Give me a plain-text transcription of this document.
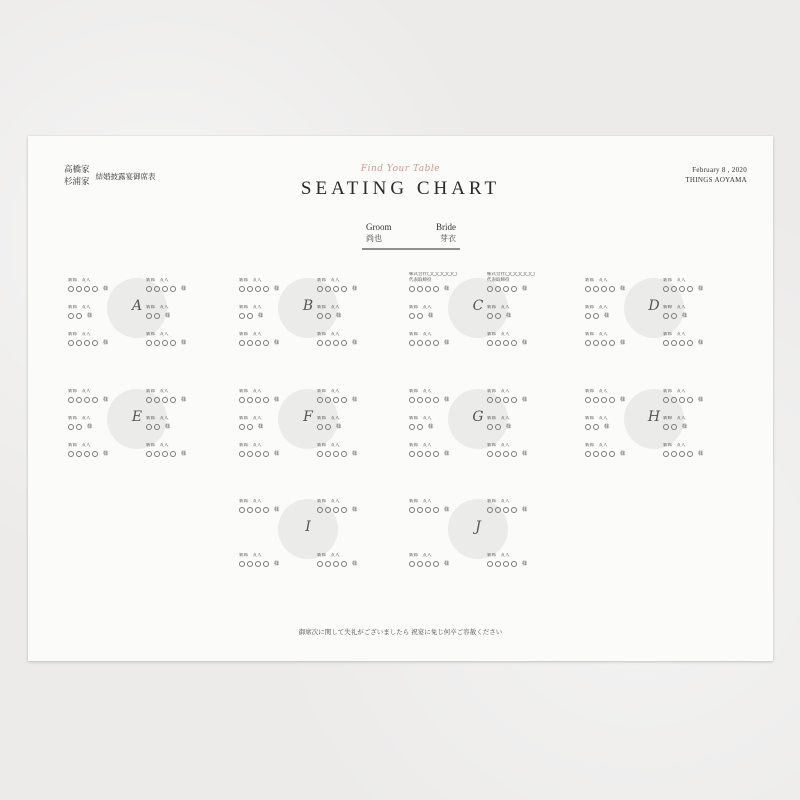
高橋家
杉浦家
結婚披露宴御席表
Find Your Table
SEATING CHART
February 8 , 2020
THINGS AOYAMA
Groom	Bride
尚也	芽衣
A
新郎　友人
様
新郎　友人
様
新郎　友人
様
新郎　友人
様
新郎　友人
様
新郎　友人
様
B
新郎　友人
様
新郎　友人
様
新郎　友人
様
新郎　友人
様
新郎　友人
様
新郎　友人
様
C
株式会社◯◯◯◯◯◯
代表取締役
様
株式会社◯◯◯◯◯◯
代表取締役
様
新郎　友人
様
新郎　友人
様
新郎　友人
様
新郎　友人
様
D
新郎　友人
様
新郎　友人
様
新郎　友人
様
新婦　友人
様
新郎　友人
様
新郎　友人
様
E
新郎　友人
様
新郎　友人
様
新郎　友人
様
新郎　友人
様
新郎　友人
様
新郎　友人
様
F
新郎　友人
様
新郎　友人
様
新郎　友人
様
新郎　友人
様
新郎　友人
様
新郎　友人
様
G
新郎　友人
様
新郎　友人
様
新郎　友人
様
新郎　友人
様
新郎　友人
様
新郎　友人
様
H
新郎　友人
様
新郎　友人
様
新郎　友人
様
新婦　友人
様
新郎　友人
様
新郎　友人
様
I
新郎　友人
様
新郎　友人
様
新郎　友人
様
新郎　友人
様
J
新郎　友人
様
新郎　友人
様
新郎　友人
様
新郎　友人
様
御席次に関して失礼がございましたら 祝宴に免じ何卒ご容赦ください
